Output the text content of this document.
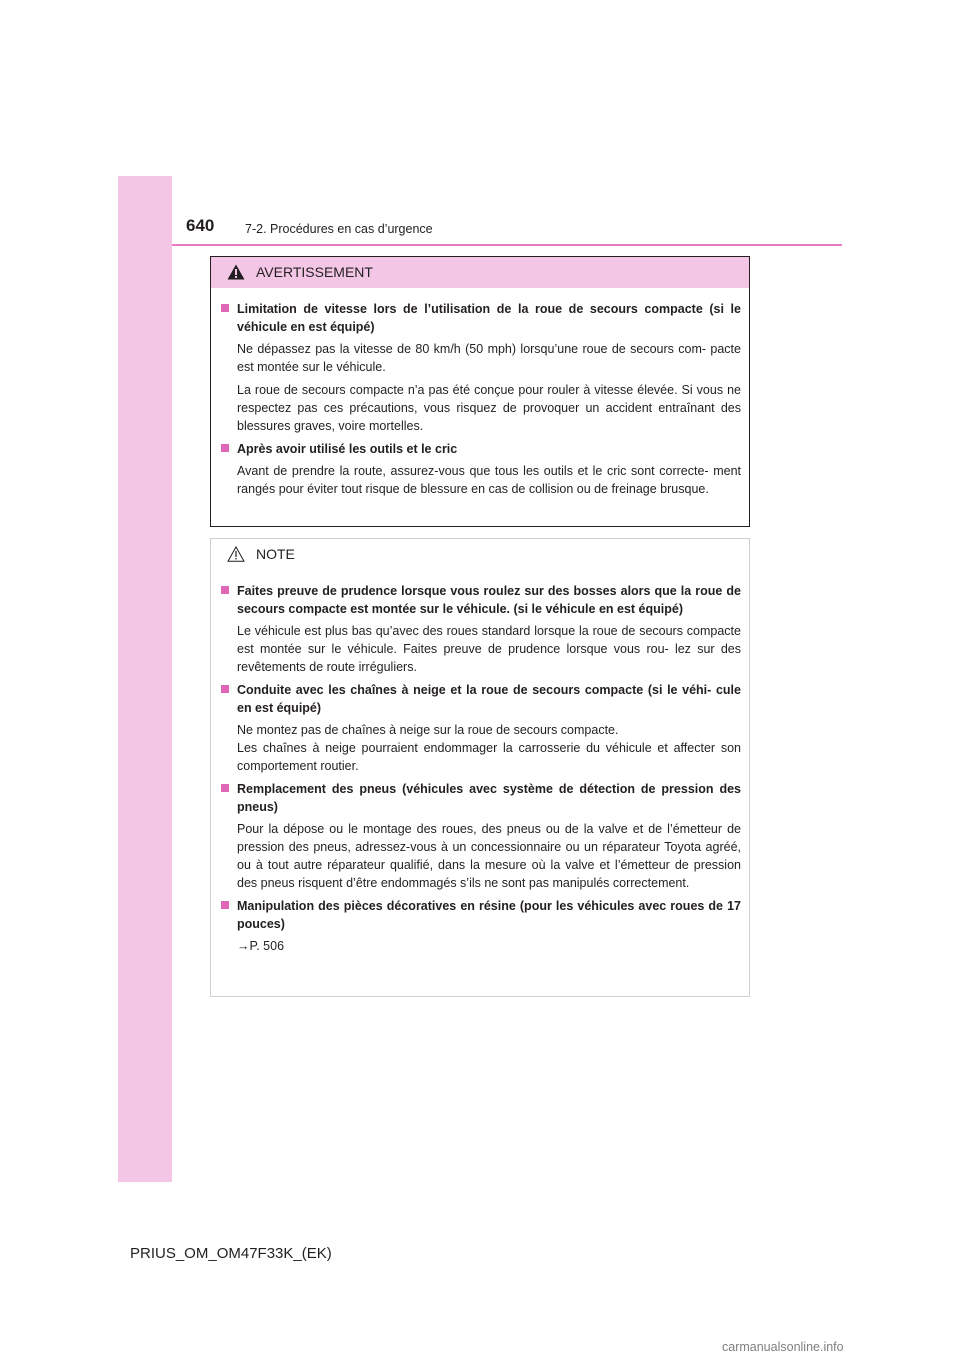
640 7-2. Procédures en cas d’urgence
AVERTISSEMENT
Limitation de vitesse lors de l’utilisation de la roue de secours compacte (si le véhicule en est équipé)
Ne dépassez pas la vitesse de 80 km/h (50 mph) lorsqu’une roue de secours com- pacte est montée sur le véhicule.
La roue de secours compacte n’a pas été conçue pour rouler à vitesse élevée. Si vous ne respectez pas ces précautions, vous risquez de provoquer un accident entraînant des blessures graves, voire mortelles.
Après avoir utilisé les outils et le cric
Avant de prendre la route, assurez-vous que tous les outils et le cric sont correcte- ment rangés pour éviter tout risque de blessure en cas de collision ou de freinage brusque.
NOTE
Faites preuve de prudence lorsque vous roulez sur des bosses alors que la roue de secours compacte est montée sur le véhicule. (si le véhicule en est équipé)
Le véhicule est plus bas qu’avec des roues standard lorsque la roue de secours compacte est montée sur le véhicule. Faites preuve de prudence lorsque vous rou- lez sur des revêtements de route irréguliers.
Conduite avec les chaînes à neige et la roue de secours compacte (si le véhi- cule en est équipé)
Ne montez pas de chaînes à neige sur la roue de secours compacte.
Les chaînes à neige pourraient endommager la carrosserie du véhicule et affecter son comportement routier.
Remplacement des pneus (véhicules avec système de détection de pression des pneus)
Pour la dépose ou le montage des roues, des pneus ou de la valve et de l’émetteur de pression des pneus, adressez-vous à un concessionnaire ou un réparateur Toyota agréé, ou à tout autre réparateur qualifié, dans la mesure où la valve et l’émetteur de pression des pneus risquent d’être endommagés s’ils ne sont pas manipulés correctement.
Manipulation des pièces décoratives en résine (pour les véhicules avec roues de 17 pouces)
→P. 506
PRIUS_OM_OM47F33K_(EK)
carmanualsonline.info
